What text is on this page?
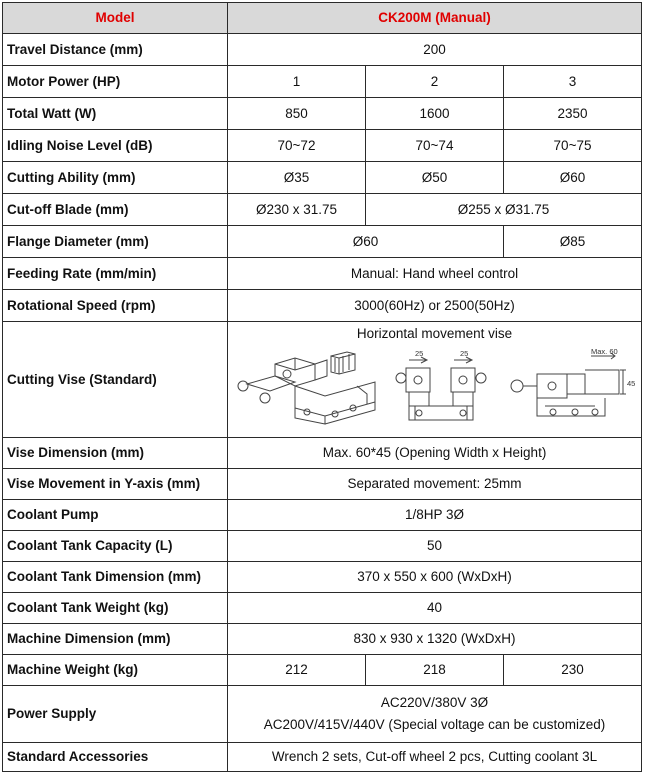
Model	CK200M (Manual)		
Travel Distance (mm)	200		
Motor Power (HP)	1	2	3
Total Watt (W)	850	1600	2350
Idling Noise Level (dB)	70~72	70~74	70~75
Cutting Ability (mm)	Ø35	Ø50	Ø60
Cut-off Blade (mm)	Ø230 x 31.75	Ø255 x Ø31.75	
Flange Diameter (mm)	Ø60		Ø85
Feeding Rate (mm/min)	Manual: Hand wheel control		
Rotational Speed (rpm)	3000(60Hz) or 2500(50Hz)		
Cutting Vise (Standard)	Horizontal movement vise
25 25 Max. 60
45		

Vise Dimension (mm)	Max. 60*45 (Opening Width x Height)		
Vise Movement in Y-axis (mm)	Separated movement: 25mm		
Coolant Pump	1/8HP 3Ø		
Coolant Tank Capacity (L)	50		
Coolant Tank Dimension (mm)	370 x 550 x 600 (WxDxH)		
Coolant Tank Weight (kg)	40		
Machine Dimension (mm)	830 x 930 x 1320 (WxDxH)		
Machine Weight (kg)	212	218	230
Power Supply	AC220V/380V 3Ø
AC200V/415V/440V (Special voltage can be customized)		

Standard Accessories	Wrench 2 sets, Cut-off wheel 2 pcs, Cutting coolant 3L		
